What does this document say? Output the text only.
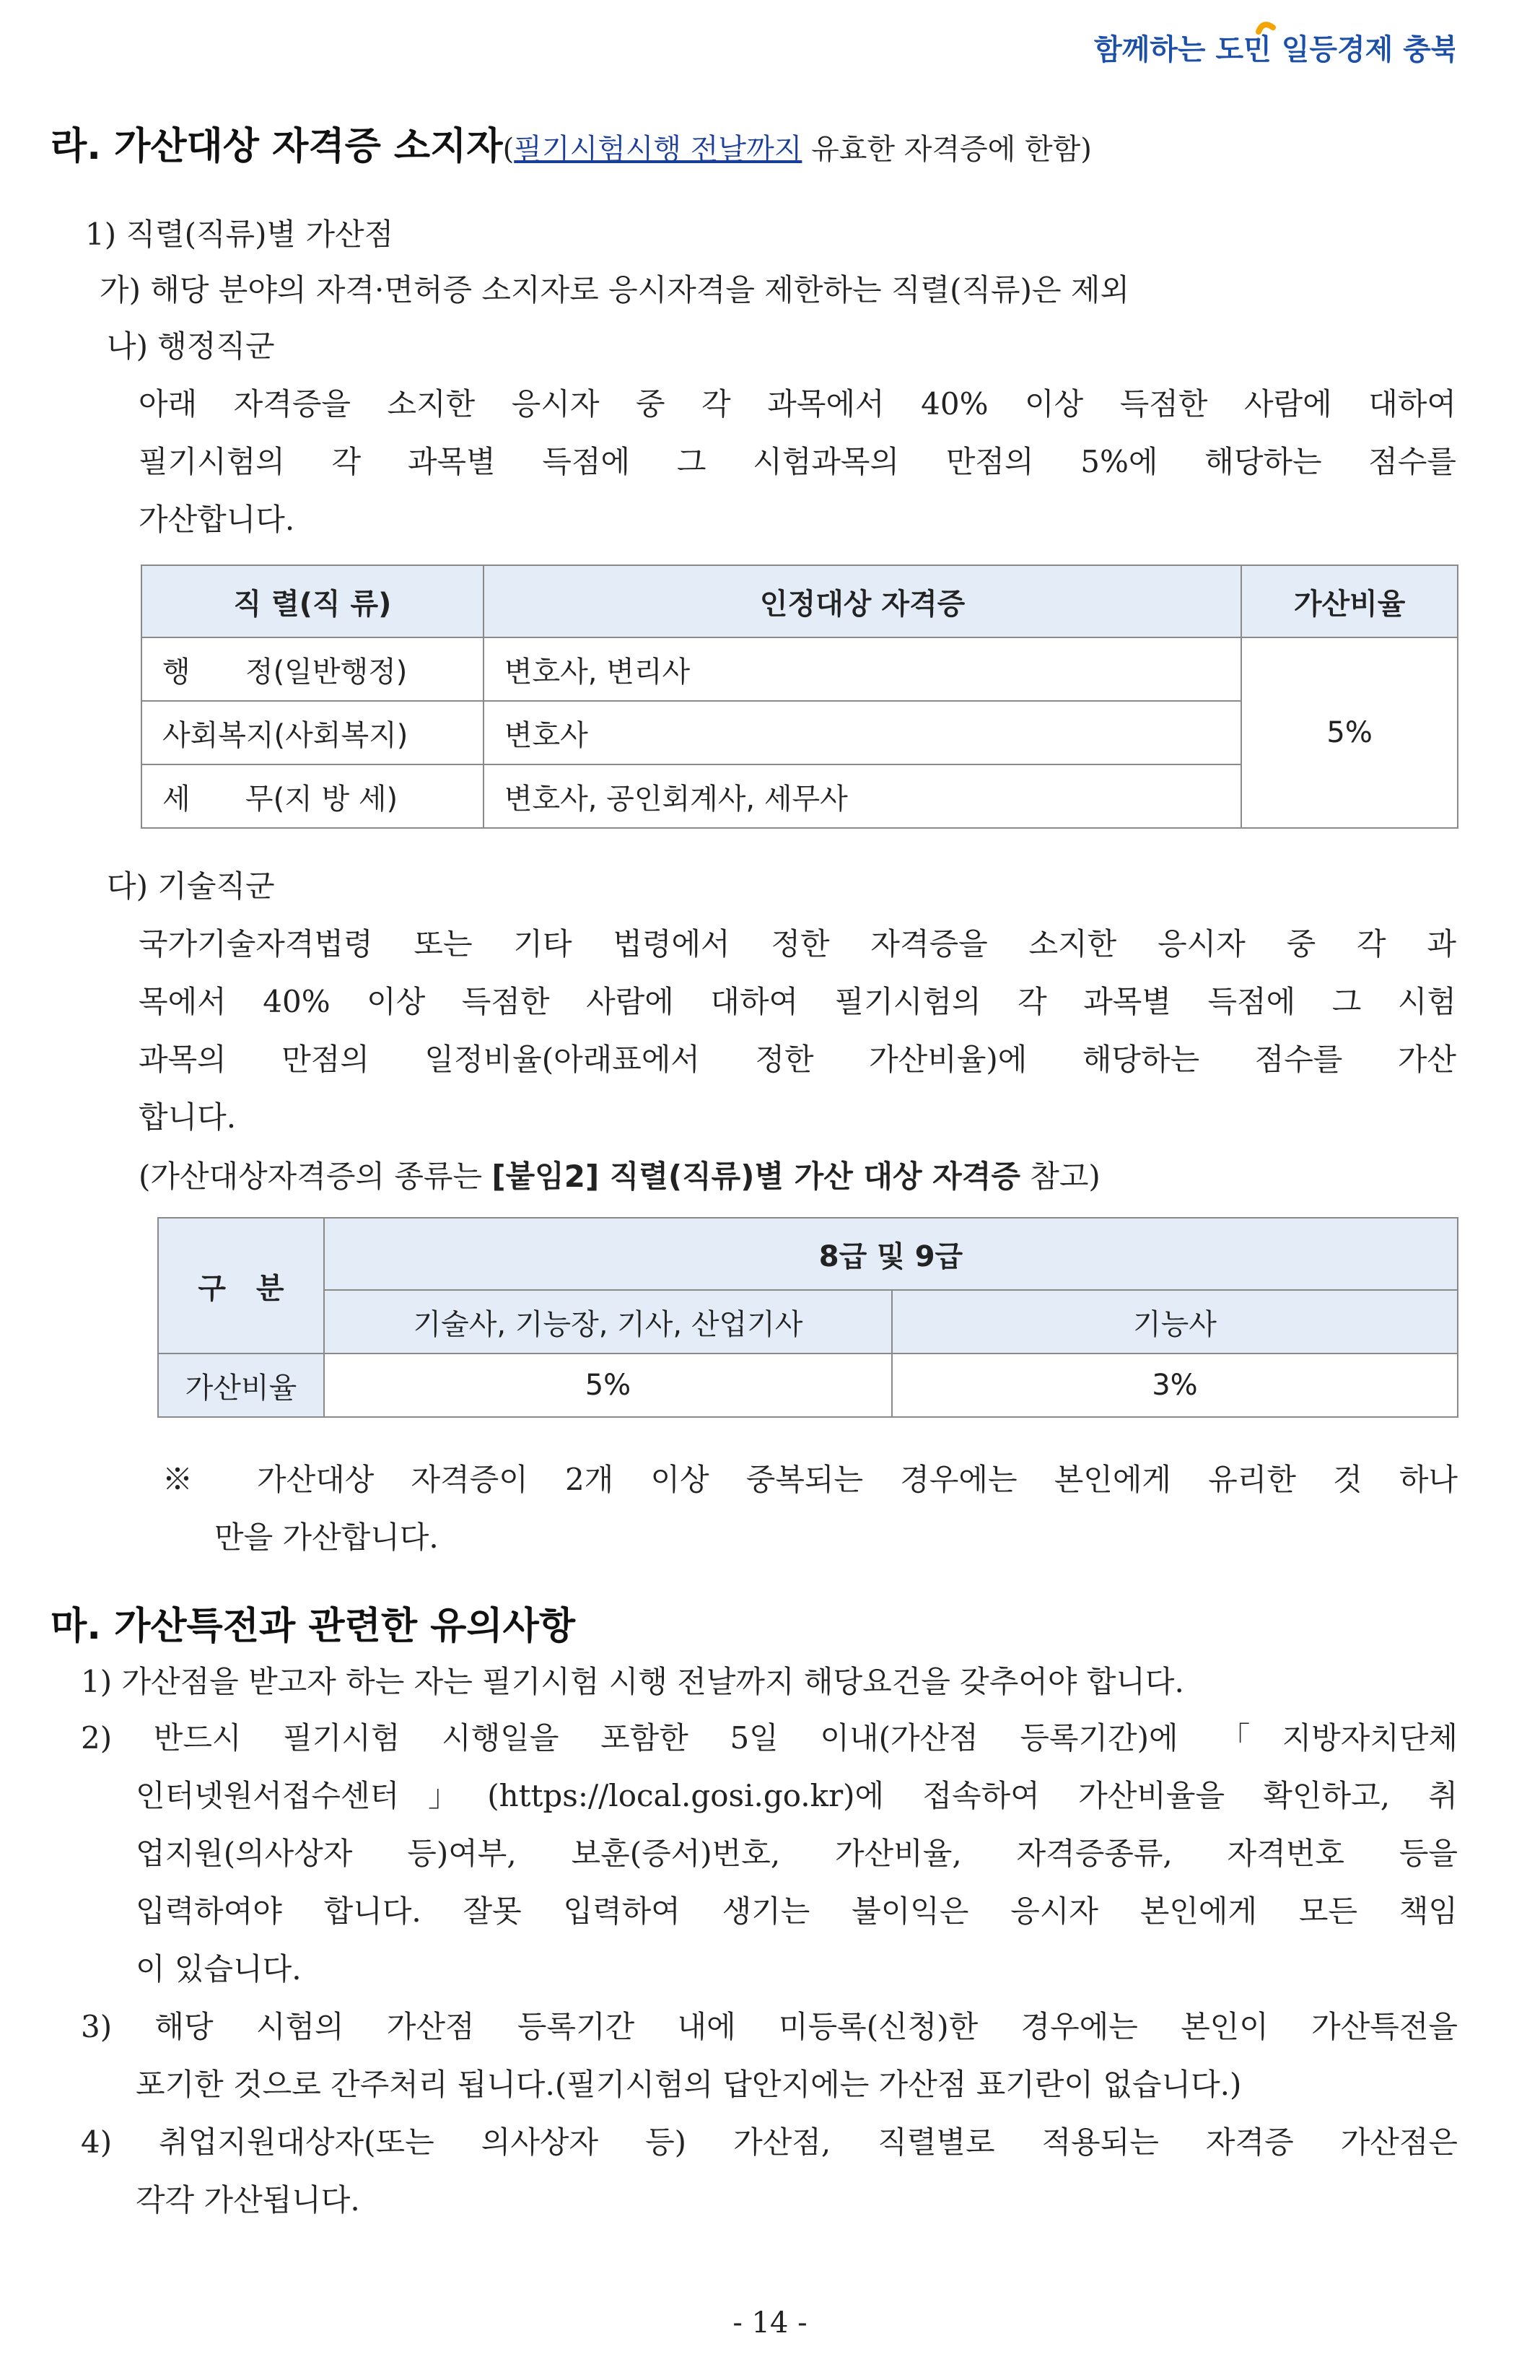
함께하는 도민 일등경제 충북
라. 가산대상 자격증 소지자(필기시험시행 전날까지 유효한 자격증에 한함)
1) 직렬(직류)별 가산점
가) 해당 분야의 자격·면허증 소지자로 응시자격을 제한하는 직렬(직류)은 제외
나) 행정직군
아래 자격증을 소지한 응시자 중 각 과목에서 40% 이상 득점한 사람에 대하여
필기시험의 각 과목별 득점에 그 시험과목의 만점의 5%에 해당하는 점수를
가산합니다.
직 렬(직 류)	인정대상 자격증	가산비율
행      정(일반행정)	변호사, 변리사	5%
사회복지(사회복지)	변호사	
세      무(지 방 세)	변호사, 공인회계사, 세무사	
다) 기술직군
국가기술자격법령 또는 기타 법령에서 정한 자격증을 소지한 응시자 중 각 과
목에서 40% 이상 득점한 사람에 대하여 필기시험의 각 과목별 득점에 그 시험
과목의 만점의 일정비율(아래표에서 정한 가산비율)에 해당하는 점수를 가산
합니다.
(가산대상자격증의 종류는 [붙임2] 직렬(직류)별 가산 대상 자격증 참고)
구   분	8급 및 9급	
	기술사, 기능장, 기사, 산업기사	기능사
가산비율	5%	3%
※ 가산대상 자격증이 2개 이상 중복되는 경우에는 본인에게 유리한 것 하나
만을 가산합니다.
마. 가산특전과 관련한 유의사항
1) 가산점을 받고자 하는 자는 필기시험 시행 전날까지 해당요건을 갖추어야 합니다.
2) 반드시 필기시험 시행일을 포함한 5일 이내(가산점 등록기간)에 「지방자치단체
인터넷원서접수센터」(https://local.gosi.go.kr)에 접속하여 가산비율을 확인하고, 취
업지원(의사상자 등)여부, 보훈(증서)번호, 가산비율, 자격증종류, 자격번호 등을
입력하여야 합니다. 잘못 입력하여 생기는 불이익은 응시자 본인에게 모든 책임
이 있습니다.
3) 해당 시험의 가산점 등록기간 내에 미등록(신청)한 경우에는 본인이 가산특전을
포기한 것으로 간주처리 됩니다.(필기시험의 답안지에는 가산점 표기란이 없습니다.)
4) 취업지원대상자(또는 의사상자 등) 가산점, 직렬별로 적용되는 자격증 가산점은
각각 가산됩니다.
- 14 -
